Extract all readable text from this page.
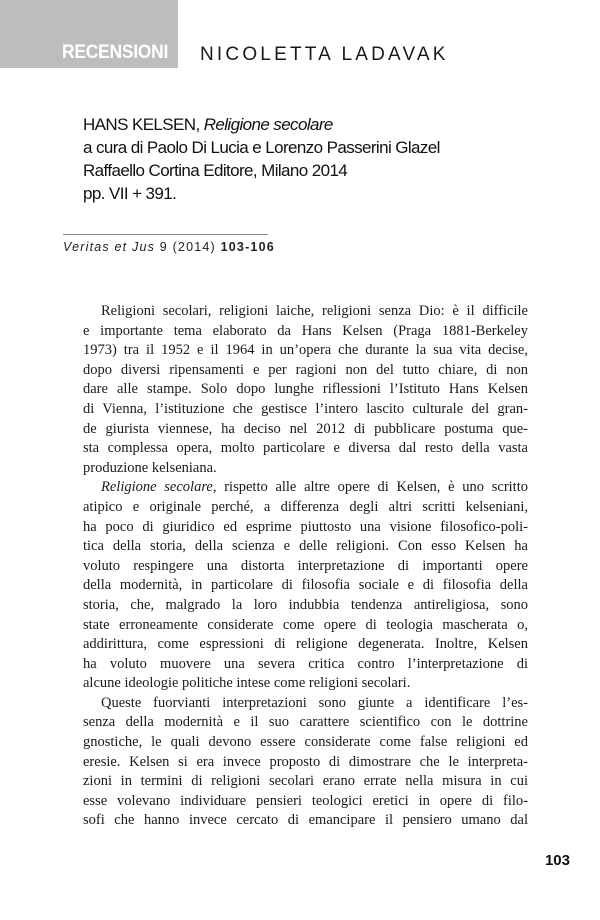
RECENSIONI NICOLETTA LADAVAK
HANS KELSEN, Religione secolare
a cura di Paolo Di Lucia e Lorenzo Passerini Glazel
Raffaello Cortina Editore, Milano 2014
pp. VII + 391.
Veritas et Jus 9 (2014) 103-106
Religioni secolari, religioni laiche, religioni senza Dio: è il difficile
e importante tema elaborato da Hans Kelsen (Praga 1881-Berkeley
1973) tra il 1952 e il 1964 in un’opera che durante la sua vita decise,
dopo diversi ripensamenti e per ragioni non del tutto chiare, di non
dare alle stampe. Solo dopo lunghe riflessioni l’Istituto Hans Kelsen
di Vienna, l’istituzione che gestisce l’intero lascito culturale del gran-
de giurista viennese, ha deciso nel 2012 di pubblicare postuma que-
sta complessa opera, molto particolare e diversa dal resto della vasta
produzione kelseniana.
Religione secolare, rispetto alle altre opere di Kelsen, è uno scritto
atipico e originale perché, a differenza degli altri scritti kelseniani,
ha poco di giuridico ed esprime piuttosto una visione filosofico-poli-
tica della storia, della scienza e delle religioni. Con esso Kelsen ha
voluto respingere una distorta interpretazione di importanti opere
della modernità, in particolare di filosofia sociale e di filosofia della
storia, che, malgrado la loro indubbia tendenza antireligiosa, sono
state erroneamente considerate come opere di teologia mascherata o,
addirittura, come espressioni di religione degenerata. Inoltre, Kelsen
ha voluto muovere una severa critica contro l’interpretazione di
alcune ideologie politiche intese come religioni secolari.
Queste fuorvianti interpretazioni sono giunte a identificare l’es-
senza della modernità e il suo carattere scientifico con le dottrine
gnostiche, le quali devono essere considerate come false religioni ed
eresie. Kelsen si era invece proposto di dimostrare che le interpreta-
zioni in termini di religioni secolari erano errate nella misura in cui
esse volevano individuare pensieri teologici eretici in opere di filo-
sofi che hanno invece cercato di emancipare il pensiero umano dal
103
